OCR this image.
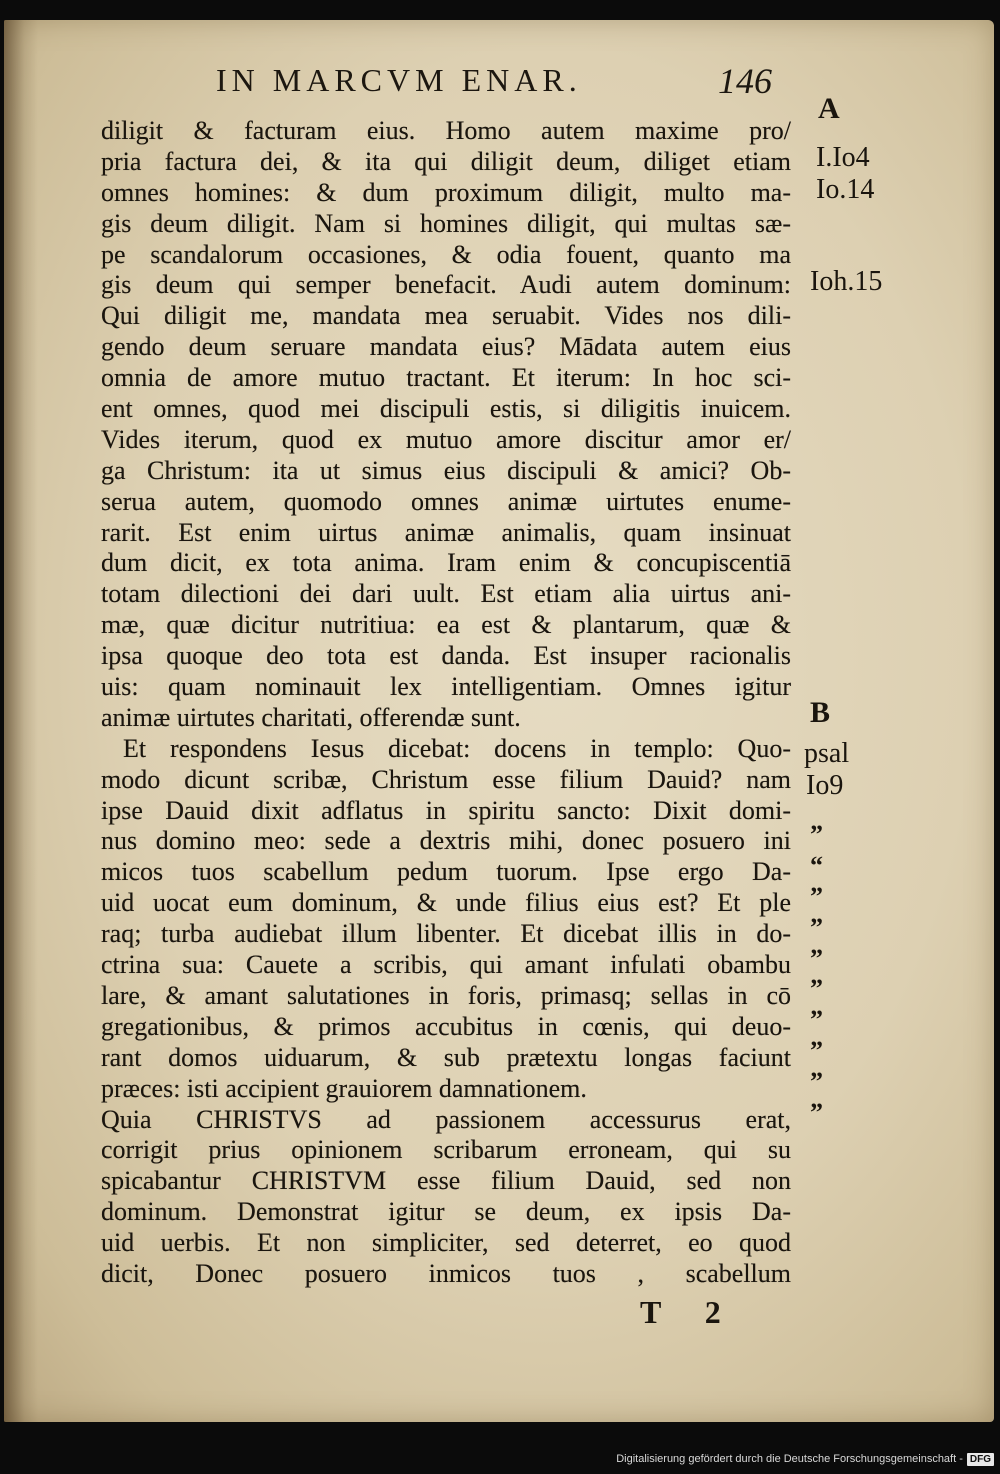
IN MARCVM ENAR.	146
diligit & facturam eius. Homo autem maxime pro/
pria factura dei, & ita qui diligit deum, diliget etiam
omnes homines: & dum proximum diligit, multo ma-
gis deum diligit. Nam si homines diligit, qui multas sæ-
pe scandalorum occasiones, & odia fouent, quanto ma
gis deum qui semper benefacit. Audi autem dominum:
Qui diligit me, mandata mea seruabit. Vides nos dili-
gendo deum seruare mandata eius? Mādata autem eius
omnia de amore mutuo tractant. Et iterum: In hoc sci-
ent omnes, quod mei discipuli estis, si diligitis inuicem.
Vides iterum, quod ex mutuo amore discitur amor er/
ga Christum: ita ut simus eius discipuli & amici? Ob-
serua autem, quomodo omnes animæ uirtutes enume-
rarit. Est enim uirtus animæ animalis, quam insinuat
dum dicit, ex tota anima. Iram enim & concupiscentiā
totam dilectioni dei dari uult. Est etiam alia uirtus ani-
mæ, quæ dicitur nutritiua: ea est & plantarum, quæ &
ipsa quoque deo tota est danda. Est insuper racionalis
uis: quam nominauit lex intelligentiam. Omnes igitur
animæ uirtutes charitati, offerendæ sunt.
Et respondens Iesus dicebat: docens in templo: Quo-
modo dicunt scribæ, Christum esse filium Dauid? nam
ipse Dauid dixit adflatus in spiritu sancto: Dixit domi-
nus domino meo: sede a dextris mihi, donec posuero ini
micos tuos scabellum pedum tuorum. Ipse ergo Da-
uid uocat eum dominum, & unde filius eius est? Et ple
raq; turba audiebat illum libenter. Et dicebat illis in do-
ctrina sua: Cauete a scribis, qui amant infulati obambu
lare, & amant salutationes in foris, primasq; sellas in cō
gregationibus, & primos accubitus in cœnis, qui deuo-
rant domos uiduarum, & sub prætextu longas faciunt
præces: isti accipient grauiorem damnationem.
Quia CHRISTVS ad passionem accessurus erat,
corrigit prius opinionem scribarum erroneam, qui su
spicabantur CHRISTVM esse filium Dauid, sed non
dominum. Demonstrat igitur se deum, ex ipsis Da-
uid uerbis. Et non simpliciter, sed deterret, eo quod
dicit, Donec posuero inmicos tuos , scabellum
A
I.Io4
Io.14
Ioh.15
B
psal
Io9
”
“
”
”
”
”
”
”
”
”
T 2
Digitalisierung gefördert durch die Deutsche Forschungsgemeinschaft - DFG
